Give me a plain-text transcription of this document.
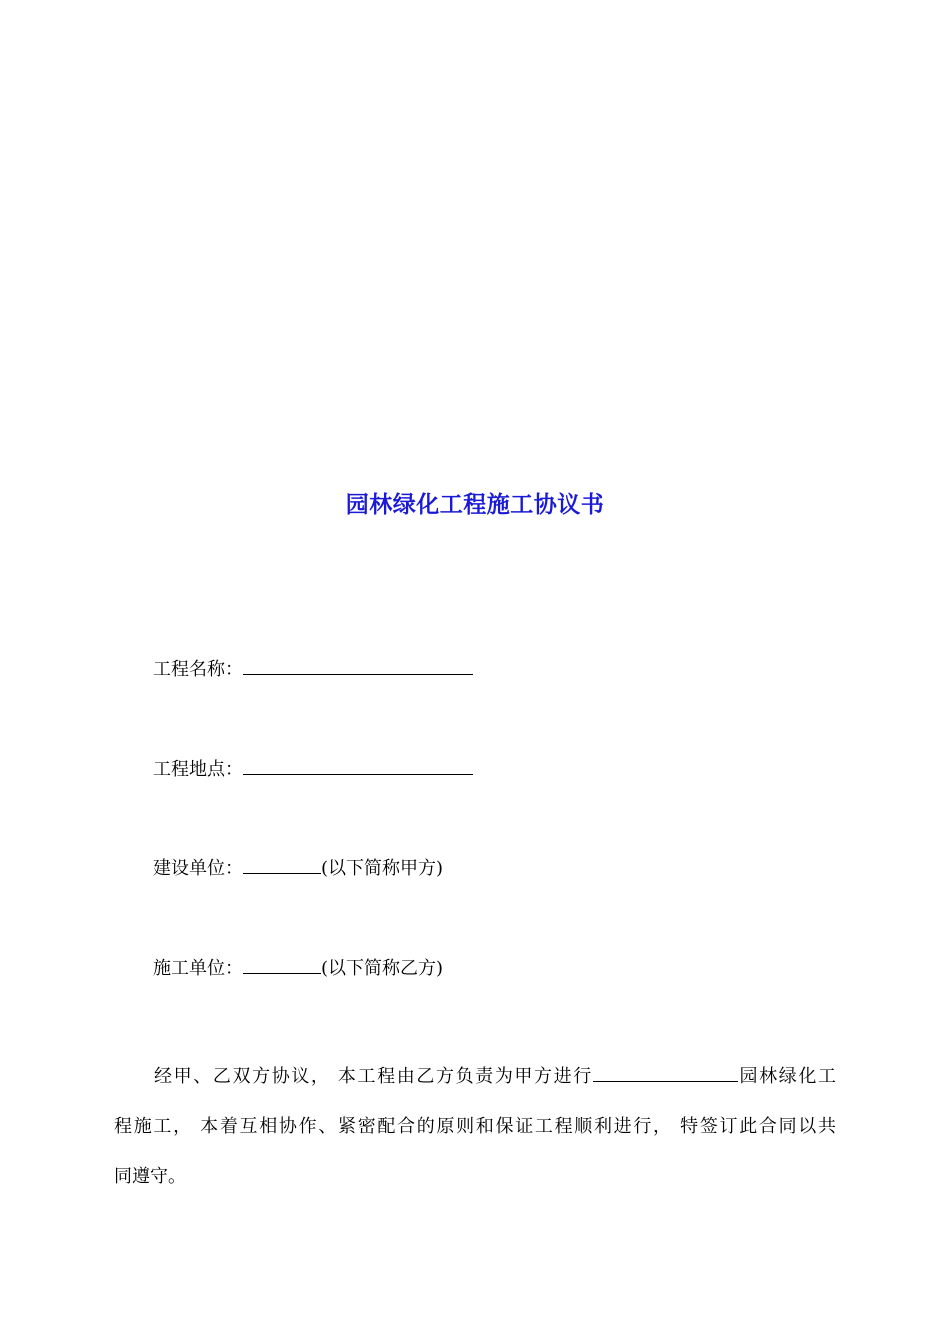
园林绿化工程施工协议书
工程名称：
工程地点：
建设单位：	(以下简称甲方)
施工单位：	(以下简称乙方)
经甲、乙双方协议， 本工程由乙方负责为甲方进行	园林绿化工
程施工， 本着互相协作、紧密配合的原则和保证工程顺利进行， 特签订此合同以共
同遵守。
